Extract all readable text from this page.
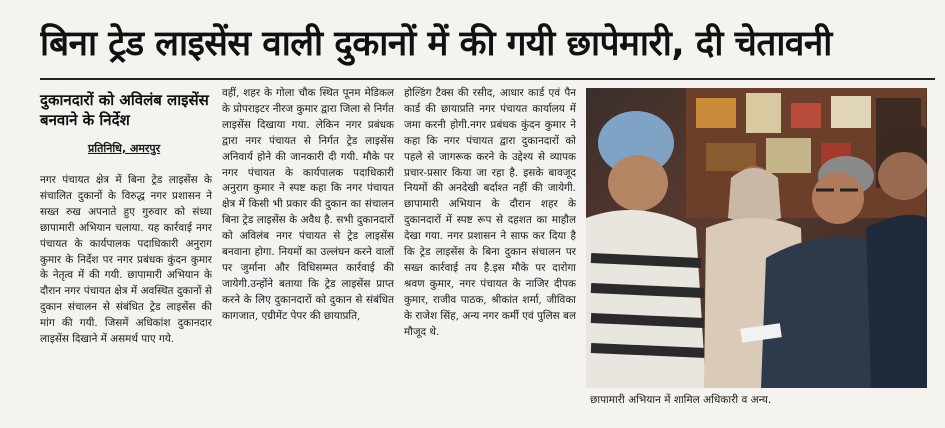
बिना ट्रेड लाइसेंस वाली दुकानों में की गयी छापेमारी, दी चेतावनी
दुकानदारों को अविलंब लाइसेंस बनवाने के निर्देश
प्रतिनिधि, अमरपुर
नगर पंचायत क्षेत्र में बिना ट्रेड लाइसेंस के संचालित दुकानों के विरुद्ध नगर प्रशासन ने सख्त रुख अपनाते हुए गुरुवार को संध्या छापामारी अभियान चलाया. यह कार्रवाई नगर पंचायत के कार्यपालक पदाधिकारी अनुराग कुमार के निर्देश पर नगर प्रबंधक कुंदन कुमार के नेतृत्व में की गयी. छापामारी अभियान के दौरान नगर पंचायत क्षेत्र में अवस्थित दुकानों से दुकान संचालन से संबंधित ट्रेड लाइसेंस की मांग की गयी. जिसमें अधिकांश दुकानदार लाइसेंस दिखाने में असमर्थ पाए गये.
वहीं, शहर के गोला चौक स्थित पूनम मेडिकल के प्रोपराइटर नीरज कुमार द्वारा जिला से निर्गत लाइसेंस दिखाया गया. लेकिन नगर प्रबंधक द्वारा नगर पंचायत से निर्गत ट्रेड लाइसेंस अनिवार्य होने की जानकारी दी गयी. मौके पर नगर पंचायत के कार्यपालक पदाधिकारी अनुराग कुमार ने स्पष्ट कहा कि नगर पंचायत क्षेत्र में किसी भी प्रकार की दुकान का संचालन बिना ट्रेड लाइसेंस के अवैध है. सभी दुकानदारों को अविलंब नगर पंचायत से ट्रेड लाइसेंस बनवाना होगा. नियमों का उल्लंघन करने वालों पर जुर्माना और विधिसम्मत कार्रवाई की जायेगी.उन्होंने बताया कि ट्रेड लाइसेंस प्राप्त करने के लिए दुकानदारों को दुकान से संबंधित कागजात, एग्रीमेंट पेपर की छायाप्रति,
होल्डिंग टैक्स की रसीद, आधार कार्ड एवं पैन कार्ड की छायाप्रति नगर पंचायत कार्यालय में जमा करनी होगी.नगर प्रबंधक कुंदन कुमार ने कहा कि नगर पंचायत द्वारा दुकानदारों को पहले से जागरूक करने के उद्देश्य से व्यापक प्रचार-प्रसार किया जा रहा है. इसके बावजूद नियमों की अनदेखी बर्दाश्त नहीं की जायेगी. छापामारी अभियान के दौरान शहर के दुकानदारों में स्पष्ट रूप से दहशत का माहौल देखा गया. नगर प्रशासन ने साफ कर दिया है कि ट्रेड लाइसेंस के बिना दुकान संचालन पर सख्त कार्रवाई तय है.इस मौके पर दारोगा श्रवण कुमार, नगर पंचायत के नाजिर दीपक कुमार, राजीव पाठक, श्रीकांत शर्मा, जीविका के राजेश सिंह, अन्य नगर कर्मी एवं पुलिस बल मौजूद थे.
छापामारी अभियान में शामिल अधिकारी व अन्य.
